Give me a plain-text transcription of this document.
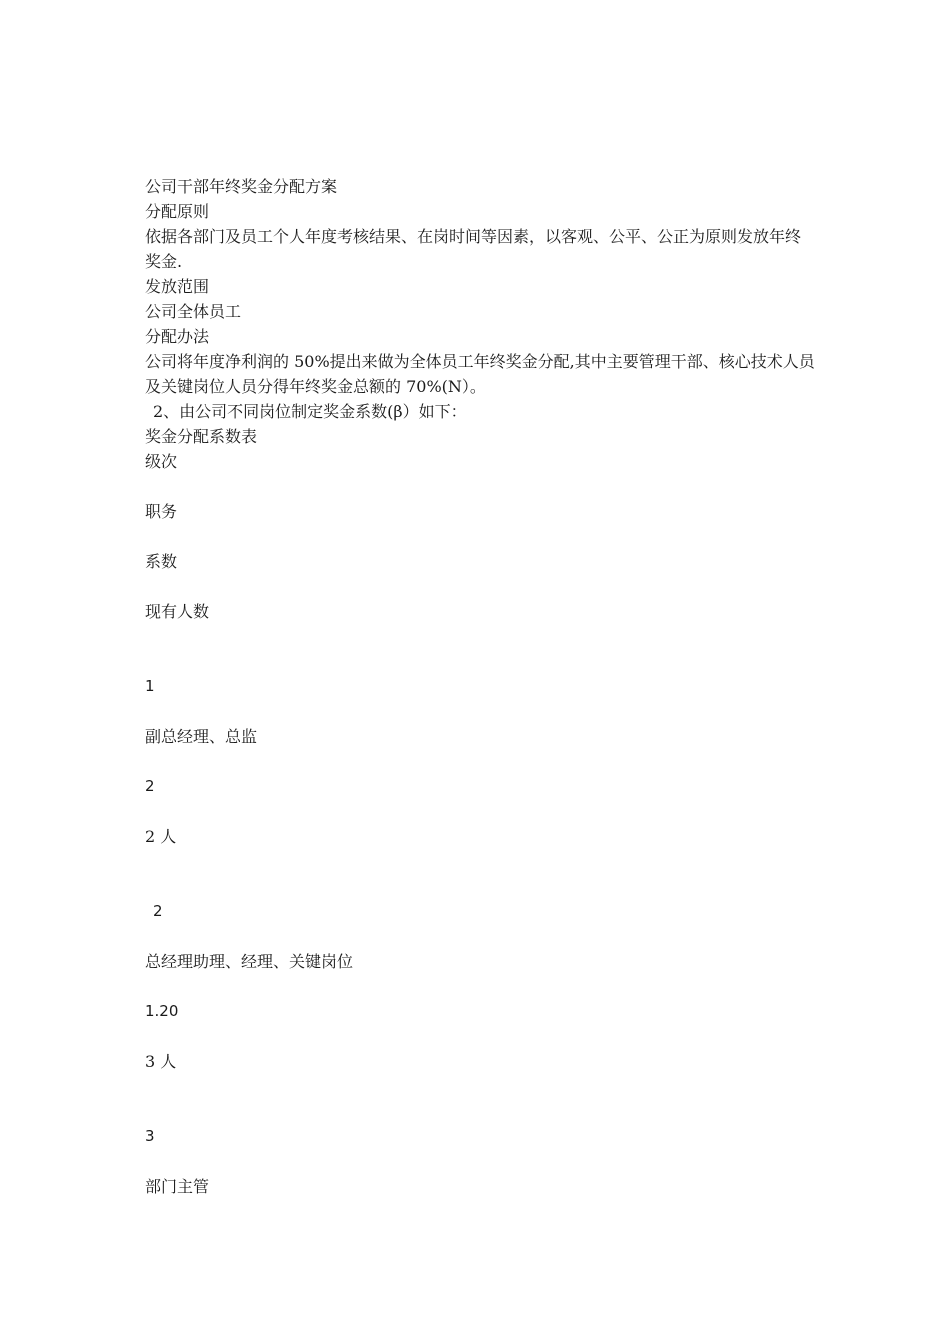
公司干部年终奖金分配方案
分配原则
依据各部门及员工个人年度考核结果、在岗时间等因素，以客观、公平、公正为原则发放年终奖金.
发放范围
公司全体员工
分配办法
公司将年度净利润的 50%提出来做为全体员工年终奖金分配,其中主要管理干部、核心技术人员及关键岗位人员分得年终奖金总额的 70%(N）。
2、由公司不同岗位制定奖金系数(β）如下：
奖金分配系数表
级次
职务
系数
现有人数
1
副总经理、总监
2
2 人
2
总经理助理、经理、关键岗位
1.20
3 人
3
部门主管
